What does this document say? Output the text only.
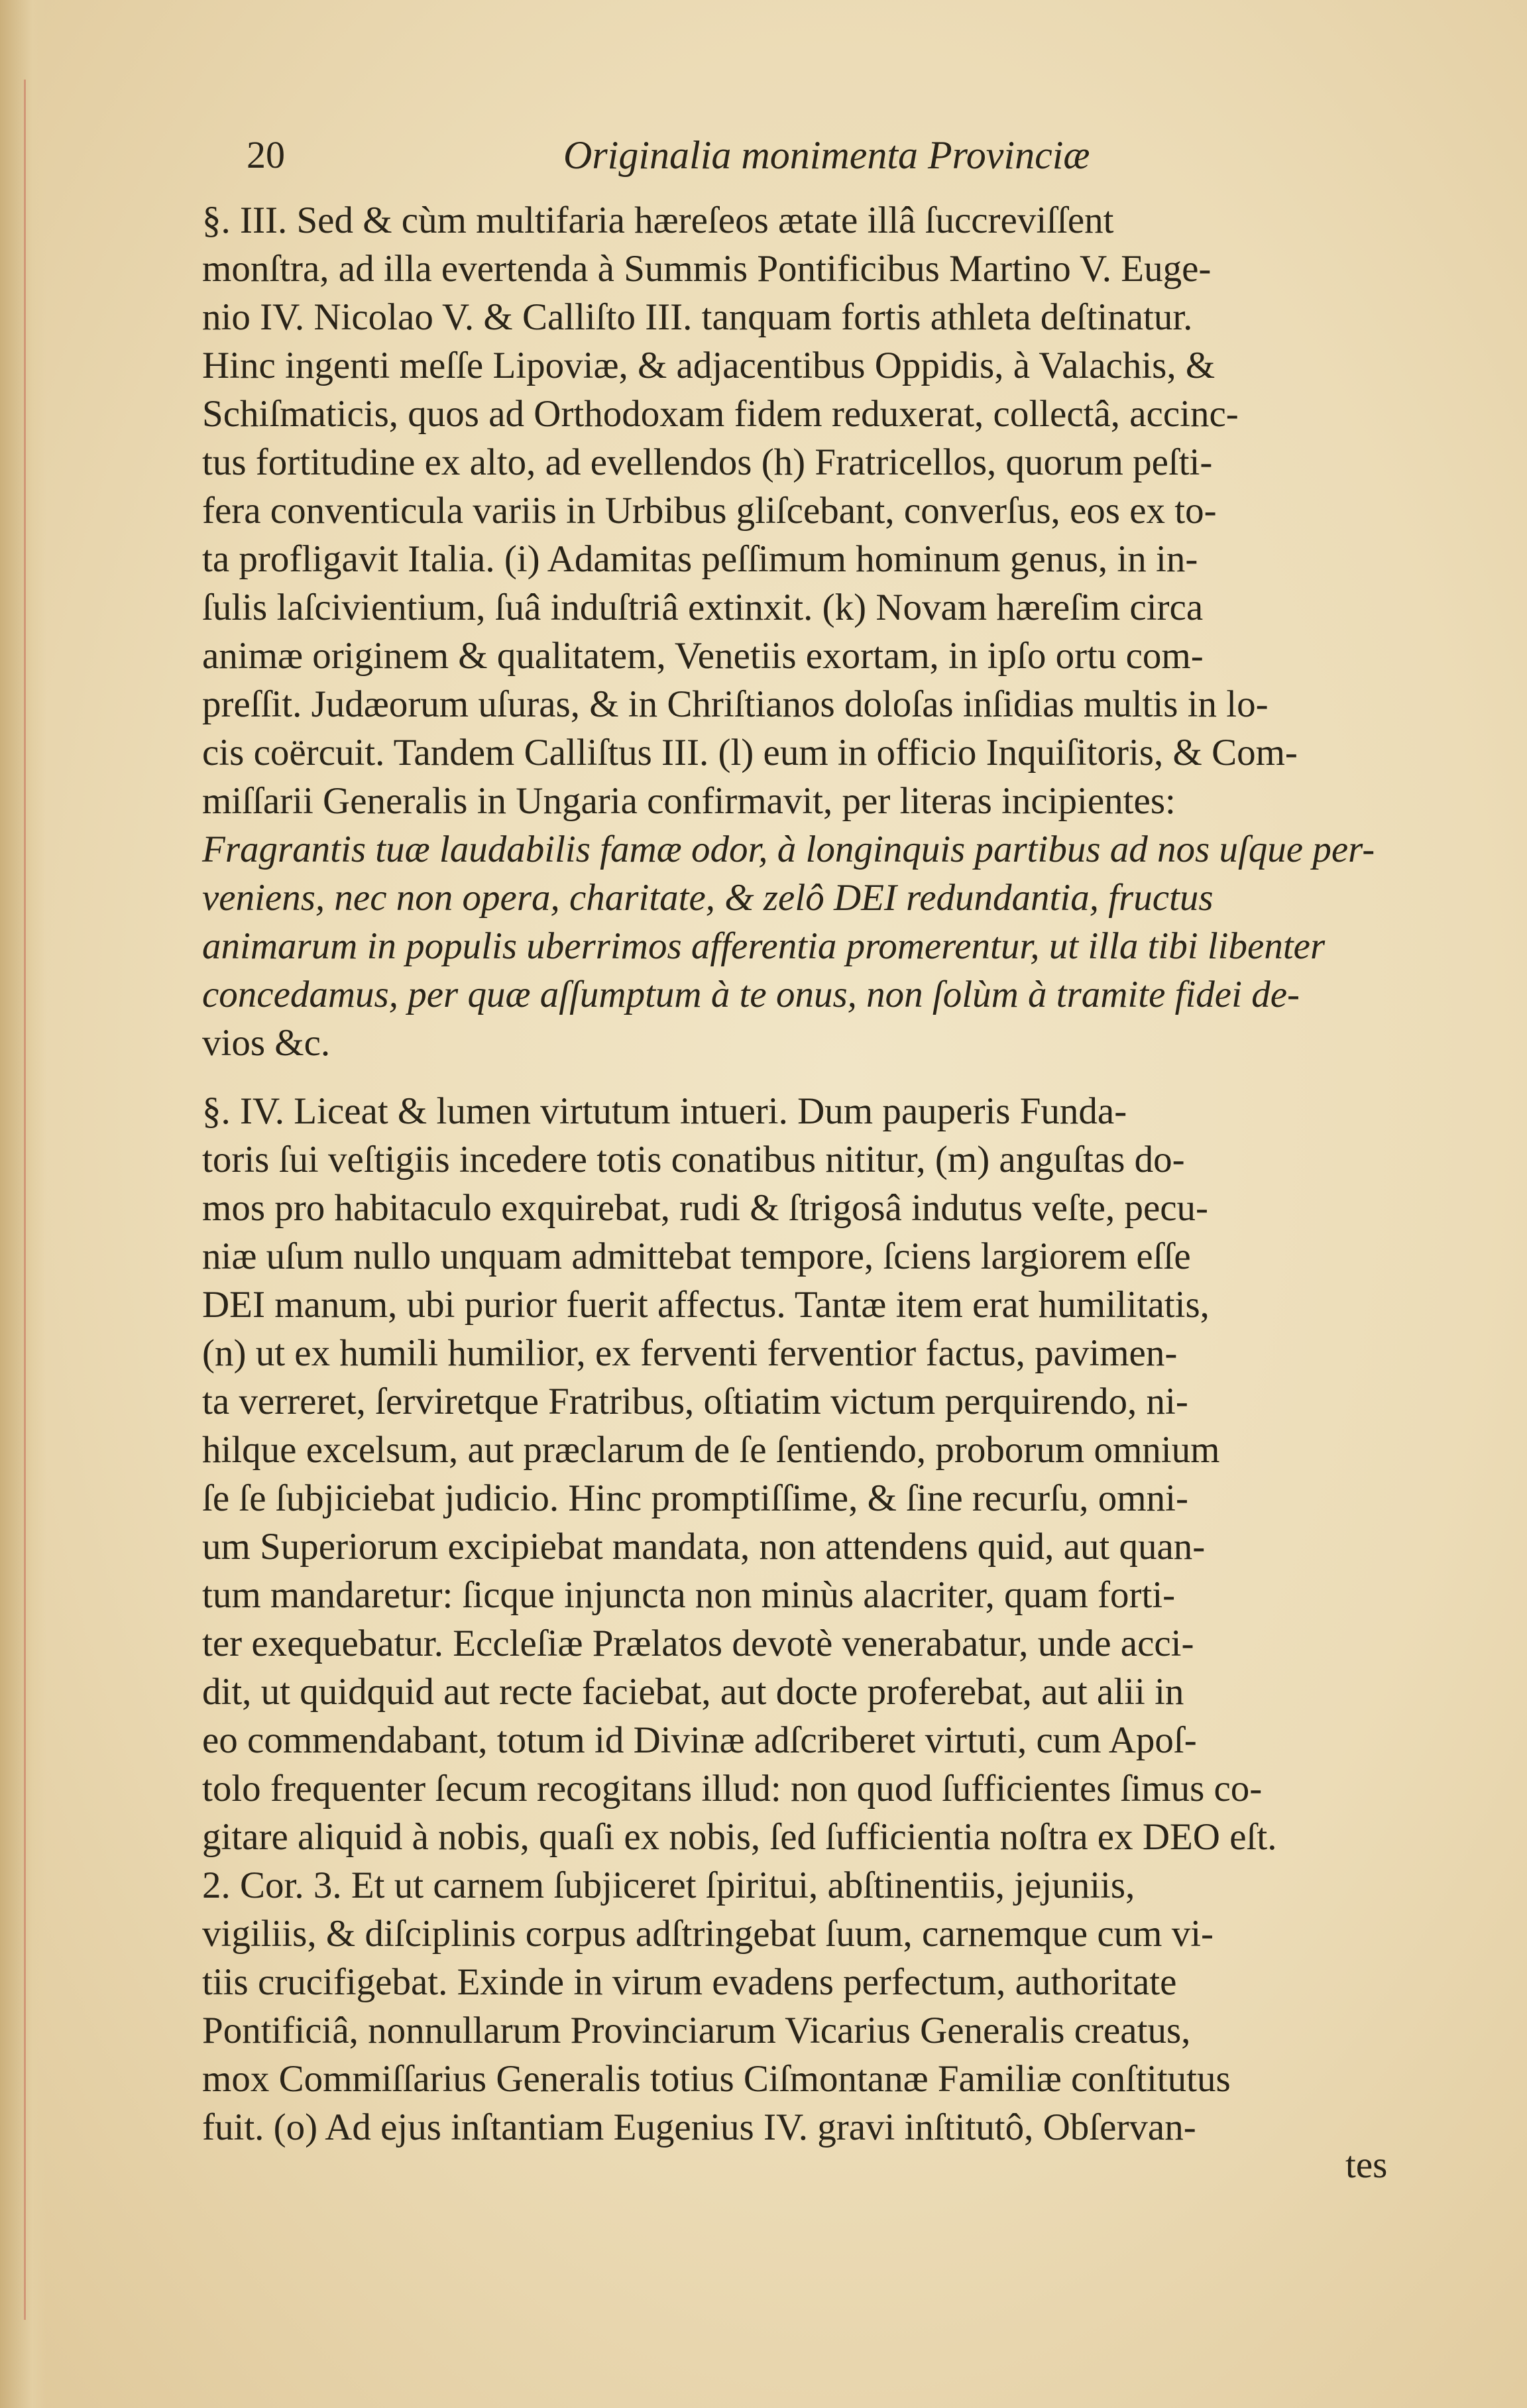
20	Originalia monimenta Provinciæ
§. III. Sed & cùm multifaria hæreſeos ætate illâ ſuccreviſſent
monſtra, ad illa evertenda à Summis Pontificibus Martino V. Euge-
nio IV. Nicolao V. & Calliſto III. tanquam fortis athleta deſtinatur.
Hinc ingenti meſſe Lipoviæ, & adjacentibus Oppidis, à Valachis, &
Schiſmaticis, quos ad Orthodoxam fidem reduxerat, collectâ, accinc-
tus fortitudine ex alto, ad evellendos (h) Fratricellos, quorum peſti-
fera conventicula variis in Urbibus gliſcebant, converſus, eos ex to-
ta profligavit Italia. (i) Adamitas peſſimum hominum genus, in in-
ſulis laſcivientium, ſuâ induſtriâ extinxit. (k) Novam hæreſim circa
animæ originem & qualitatem, Venetiis exortam, in ipſo ortu com-
preſſit. Judæorum uſuras, & in Chriſtianos doloſas inſidias multis in lo-
cis coërcuit. Tandem Calliſtus III. (l) eum in officio Inquiſitoris, & Com-
miſſarii Generalis in Ungaria confirmavit, per literas incipientes:
Fragrantis tuæ laudabilis famæ odor, à longinquis partibus ad nos uſque per-
veniens, nec non opera, charitate, & zelô DEI redundantia, fructus
animarum in populis uberrimos afferentia promerentur, ut illa tibi libenter
concedamus, per quæ aſſumptum à te onus, non ſolùm à tramite fidei de-
vios &c.
§. IV. Liceat & lumen virtutum intueri. Dum pauperis Funda-
toris ſui veſtigiis incedere totis conatibus nititur, (m) anguſtas do-
mos pro habitaculo exquirebat, rudi & ſtrigosâ indutus veſte, pecu-
niæ uſum nullo unquam admittebat tempore, ſciens largiorem eſſe
DEI manum, ubi purior fuerit affectus. Tantæ item erat humilitatis,
(n) ut ex humili humilior, ex ferventi ferventior factus, pavimen-
ta verreret, ſerviretque Fratribus, oſtiatim victum perquirendo, ni-
hilque excelsum, aut præclarum de ſe ſentiendo, proborum omnium
ſe ſe ſubjiciebat judicio. Hinc promptiſſime, & ſine recurſu, omni-
um Superiorum excipiebat mandata, non attendens quid, aut quan-
tum mandaretur: ſicque injuncta non minùs alacriter, quam forti-
ter exequebatur. Eccleſiæ Prælatos devotè venerabatur, unde acci-
dit, ut quidquid aut recte faciebat, aut docte proferebat, aut alii in
eo commendabant, totum id Divinæ adſcriberet virtuti, cum Apoſ-
tolo frequenter ſecum recogitans illud: non quod ſufficientes ſimus co-
gitare aliquid à nobis, quaſi ex nobis, ſed ſufficientia noſtra ex DEO eſt.
2. Cor. 3. Et ut carnem ſubjiceret ſpiritui, abſtinentiis, jejuniis,
vigiliis, & diſciplinis corpus adſtringebat ſuum, carnemque cum vi-
tiis crucifigebat. Exinde in virum evadens perfectum, authoritate
Pontificiâ, nonnullarum Provinciarum Vicarius Generalis creatus,
mox Commiſſarius Generalis totius Ciſmontanæ Familiæ conſtitutus
fuit. (o) Ad ejus inſtantiam Eugenius IV. gravi inſtitutô, Obſervan-
tes
